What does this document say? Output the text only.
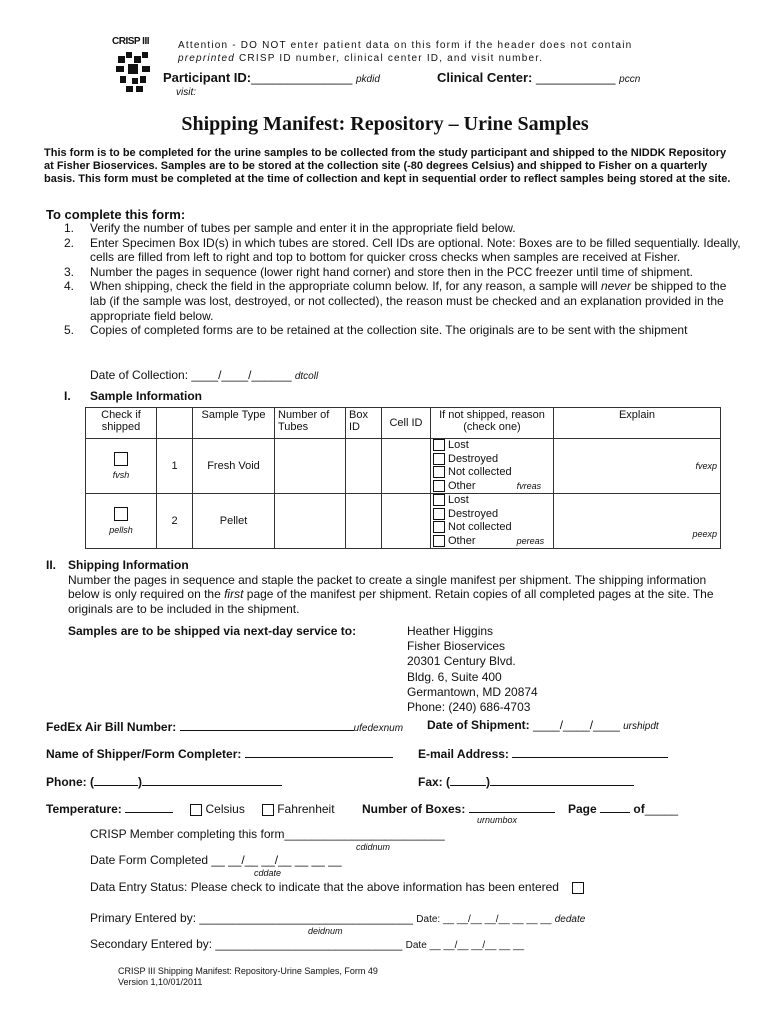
CRISP III	Attention - DO NOT enter patient data on this form if the header does not contain
preprinted CRISP ID number, clinical center ID, and visit number.
Participant ID:______________ pkdid
visit:
Clinical Center: ___________ pccn
Shipping Manifest: Repository – Urine Samples
This form is to be completed for the urine samples to be collected from the study participant and shipped to the NIDDK Repository at Fisher Bioservices. Samples are to be stored at the collection site (-80 degrees Celsius) and shipped to Fisher on a quarterly basis. This form must be completed at the time of collection and kept in sequential order to reflect samples being stored at the site.
To complete this form:
1. Verify the number of tubes per sample and enter it in the appropriate field below.
2. Enter Specimen Box ID(s) in which tubes are stored. Cell IDs are optional. Note: Boxes are to be filled sequentially. Ideally, cells are filled from left to right and top to bottom for quicker cross checks when samples are received at Fisher.
3. Number the pages in sequence (lower right hand corner) and store then in the PCC freezer until time of shipment.
4. When shipping, check the field in the appropriate column below. If, for any reason, a sample will never be shipped to the lab (if the sample was lost, destroyed, or not collected), the reason must be checked and an explanation provided in the appropriate field below.
5. Copies of completed forms are to be retained at the collection site. The originals are to be sent with the shipment
Date of Collection: ____/____/______ dtcoll
I. Sample Information
Check if shipped		Sample Type	Number of Tubes	Box ID	Cell ID	If not shipped, reason (check one)	Explain

fvsh	1	Fresh Void				Lost
Destroyed
Not collected
Other fvreas	fvexp

pellsh	2	Pellet				Lost
Destroyed
Not collected
Other pereas	peexp
II. Shipping Information
Number the pages in sequence and staple the packet to create a single manifest per shipment. The shipping information below is only required on the first page of the manifest per shipment. Retain copies of all completed pages at the site. The originals are to be included in the shipment.
Samples are to be shipped via next-day service to:	Heather Higgins
Fisher Bioservices
20301 Century Blvd.
Bldg. 6, Suite 400
Germantown, MD 20874
Phone: (240) 686-4703
FedEx Air Bill Number:	ufedexnum Date of Shipment: ____/____/____ urshipdt
Name of Shipper/Form Completer:	E-mail Address:
Phone: (	)	Fax: (	)
Temperature:	Celsius	Fahrenheit Number of Boxes:
urnumbox
Page	of_____
CRISP Member completing this form________________________
cdidnum
Date Form Completed __ __/__ __/__ __ __ __
cddate
Data Entry Status: Please check to indicate that the above information has been entered
Primary Entered by: ________________________________ Date: __ __/__ __/__ __ __ __ dedate
deidnum
Secondary Entered by: ____________________________ Date __ __/__ __/__ __ __
CRISP III Shipping Manifest: Repository-Urine Samples, Form 49
Version 1,10/01/2011
